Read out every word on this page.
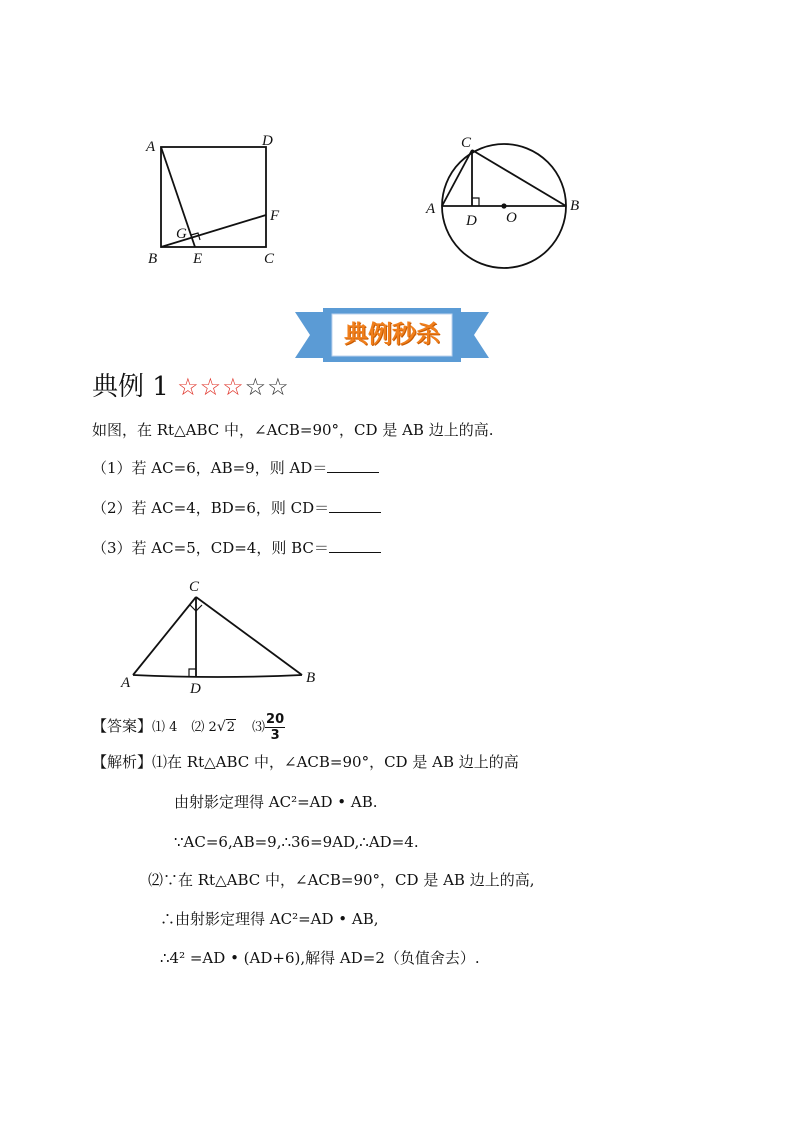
A	D
B	C
E
F
G
C
A	B
D O
典例秒杀
典例 1 ☆☆☆☆☆
如图，在 Rt△ABC 中，∠ACB=90°，CD 是 AB 边上的高.
（1）若 AC=6，AB=9，则 AD＝
（2）若 AC=4，BD=6，则 CD＝
（3）若 AC=5，CD=4，则 BC＝
C
A	D
B
【答案】⑴ 4 ⑵ 2√2 ⑶ $\frac{20}{3}$
【解析】⑴在 Rt△ABC 中，∠ACB=90°，CD 是 AB 边上的高
由射影定理得 AC²=AD • AB.
∵AC=6,AB=9,∴36=9AD,∴AD=4.
⑵∵在 Rt△ABC 中，∠ACB=90°，CD 是 AB 边上的高,
∴由射影定理得 AC²=AD • AB,
∴4² =AD • (AD+6),解得 AD=2（负值舍去）.
